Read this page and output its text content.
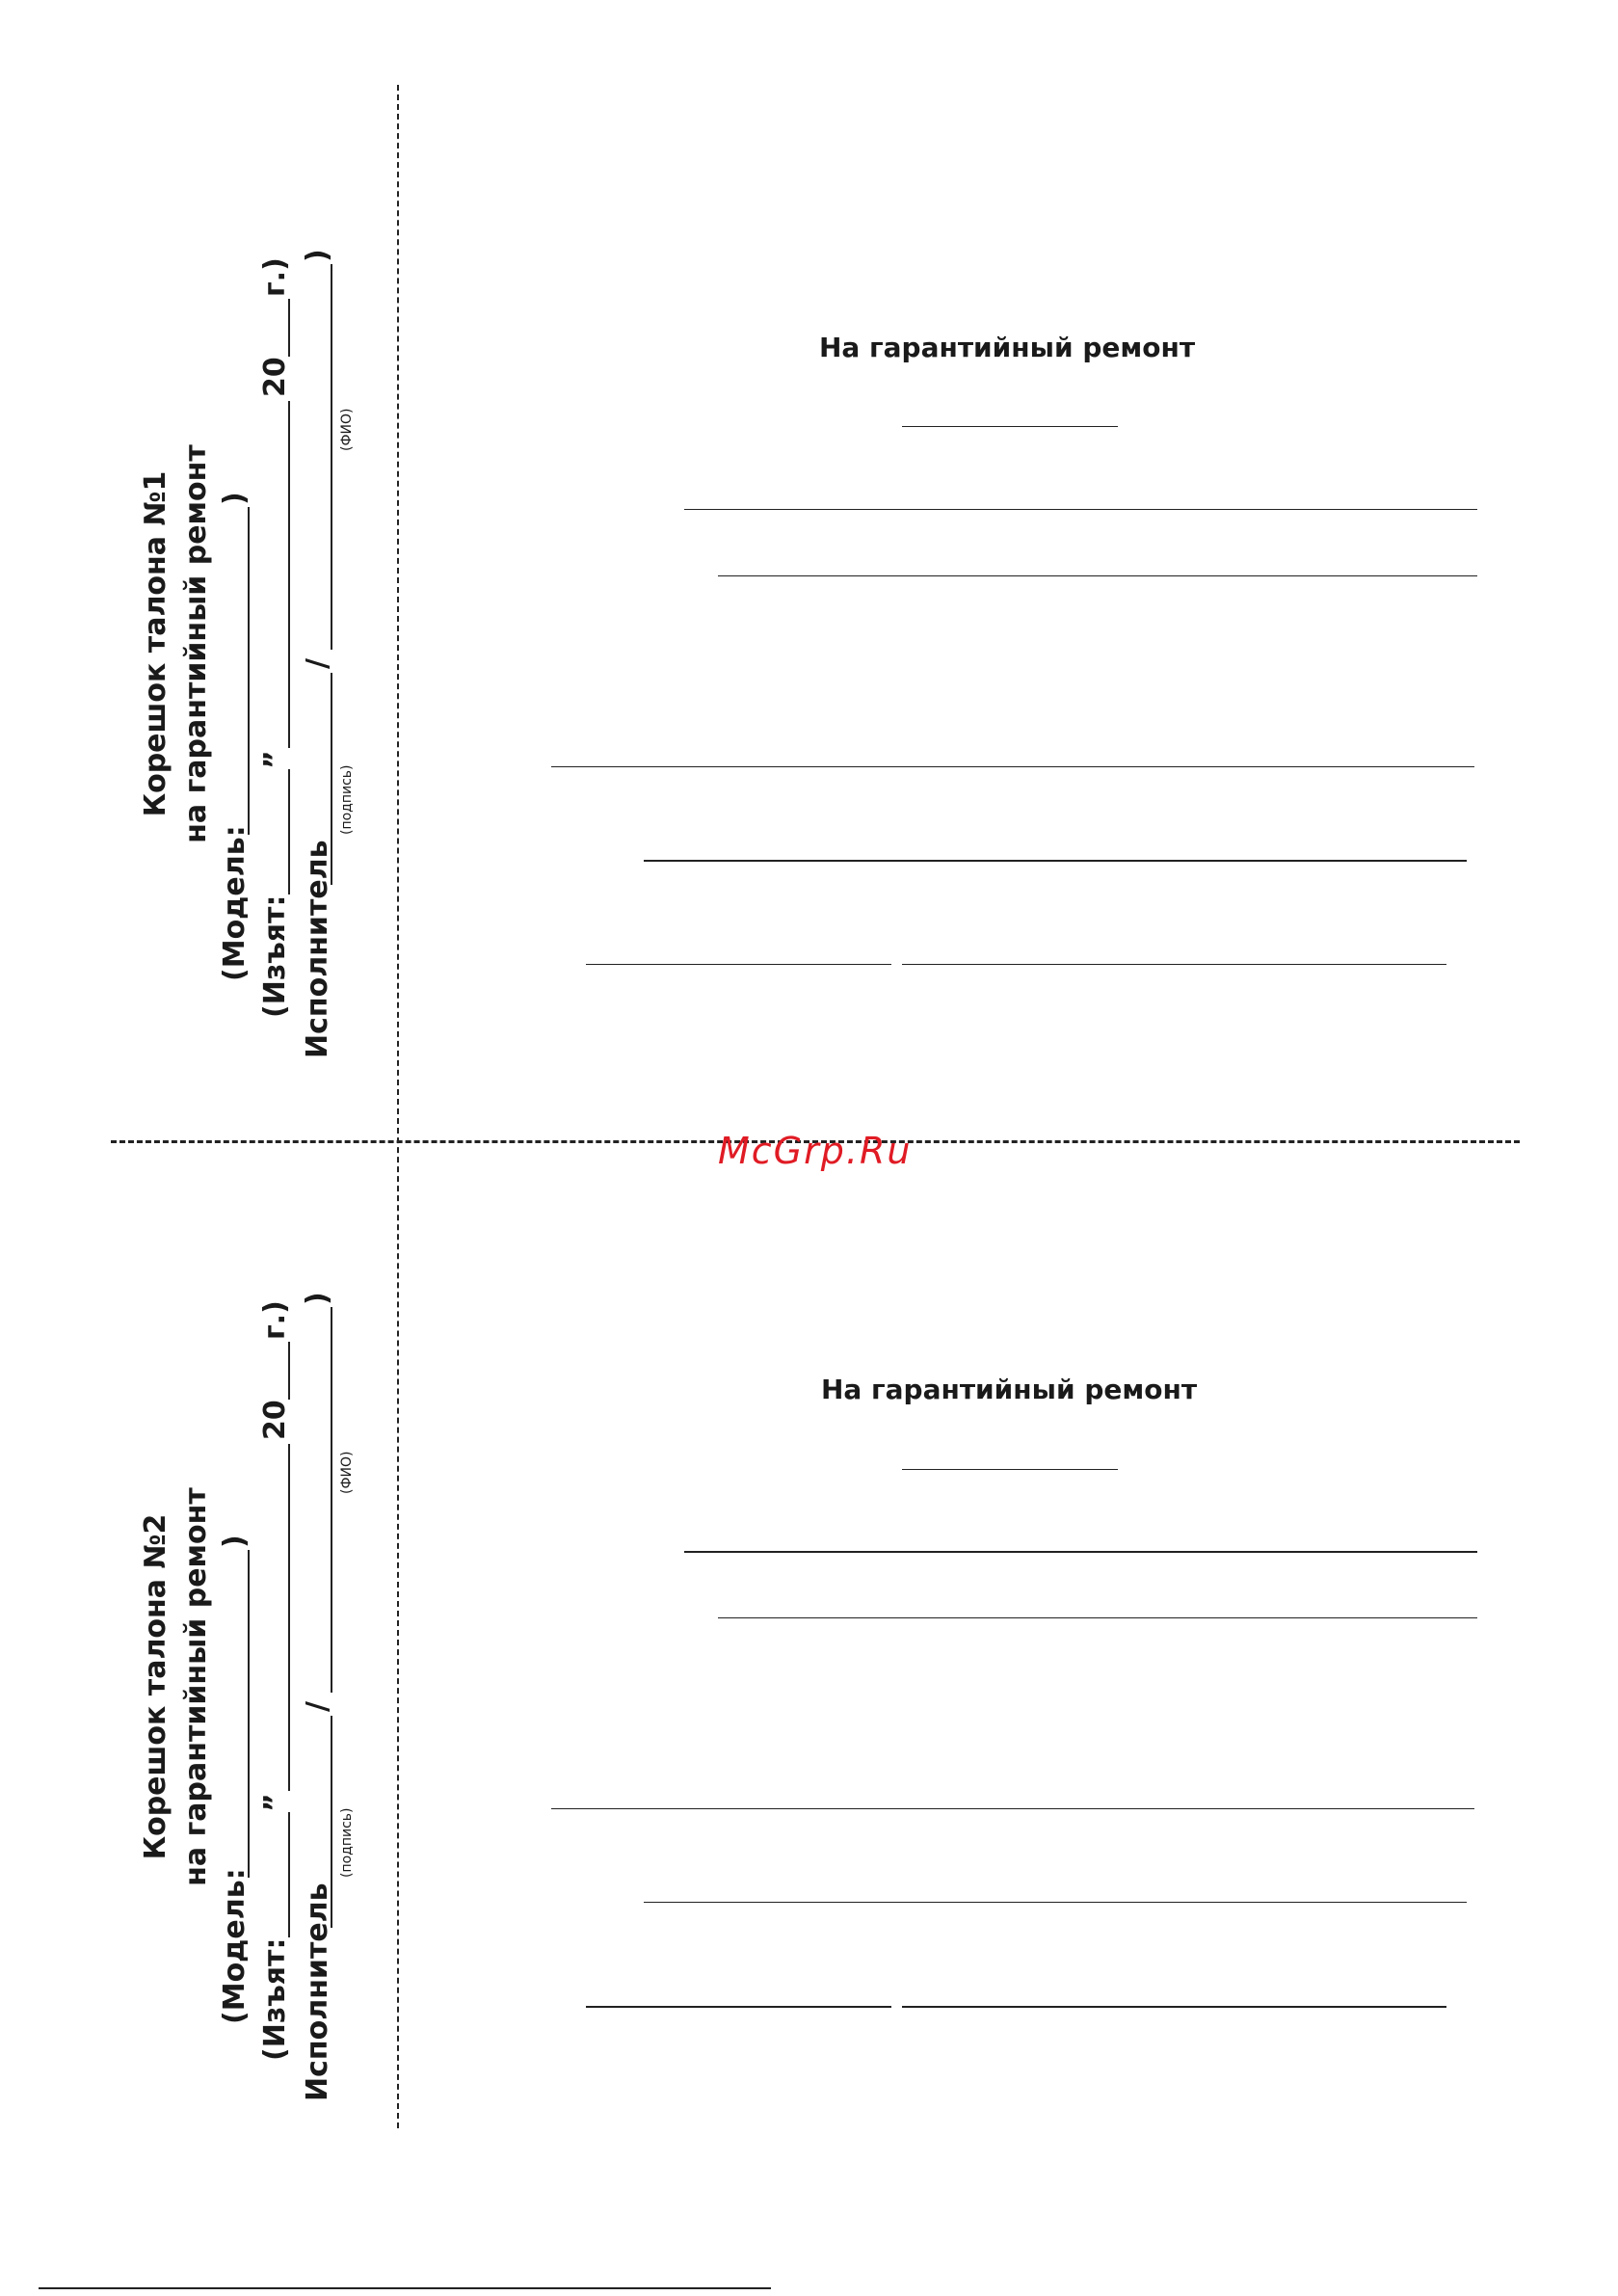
McGrp.Ru
На гарантийный ремонт
Корешок талона №1 на гарантийный ремонт
(Модель:
)
(Изъят:
”
20
г.)
Исполнитель
/
)
(подпись)
(ФИО)
На гарантийный ремонт
Корешок талона №2 на гарантийный ремонт
(Модель:
)
(Изъят:
”
20
г.)
Исполнитель
/
)
(подпись)
(ФИО)
